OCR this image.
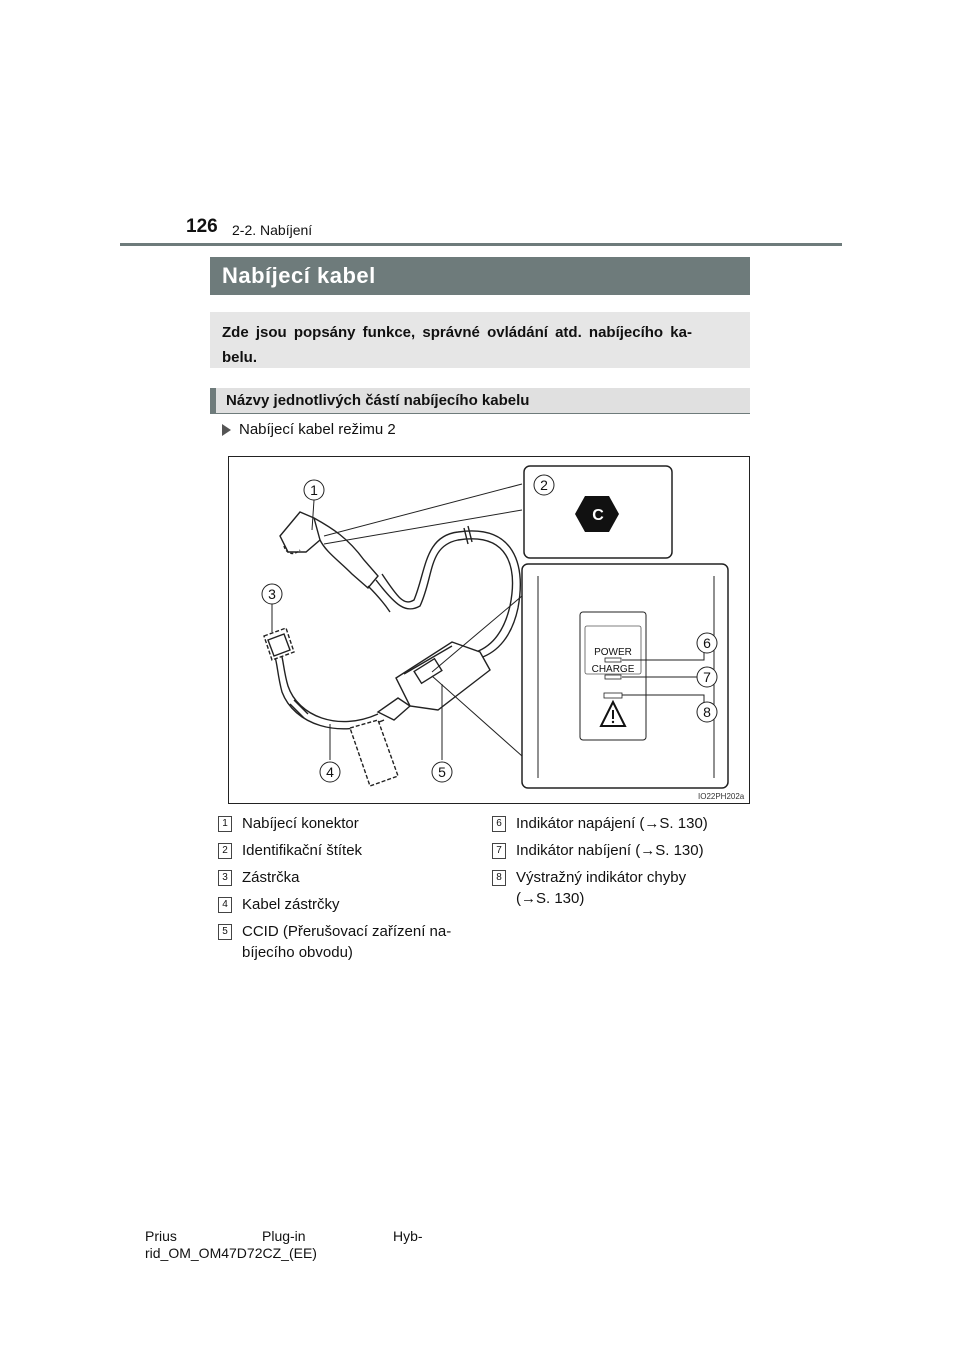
126 2-2. Nabíjení
Nabíjecí kabel
Zde jsou popsány funkce, správné ovládání atd. nabíjecího ka-
belu.
Názvy jednotlivých částí nabíjecího kabelu
Nabíjecí kabel režimu 2
C
POWER
CHARGE
1	2
3
4	5
6
7
8
IO22PH202a
1 Nabíjecí konektor
2 Identifikační štítek
3 Zástrčka
4 Kabel zástrčky
5 CCID (Přerušovací zařízení na-
bíjecího obvodu)
6 Indikátor napájení (→S. 130)
7 Indikátor nabíjení (→S. 130)
8 Výstražný indikátor chyby
(→S. 130)
Prius	Plug-in	Hyb-
rid_OM_OM47D72CZ_(EE)
